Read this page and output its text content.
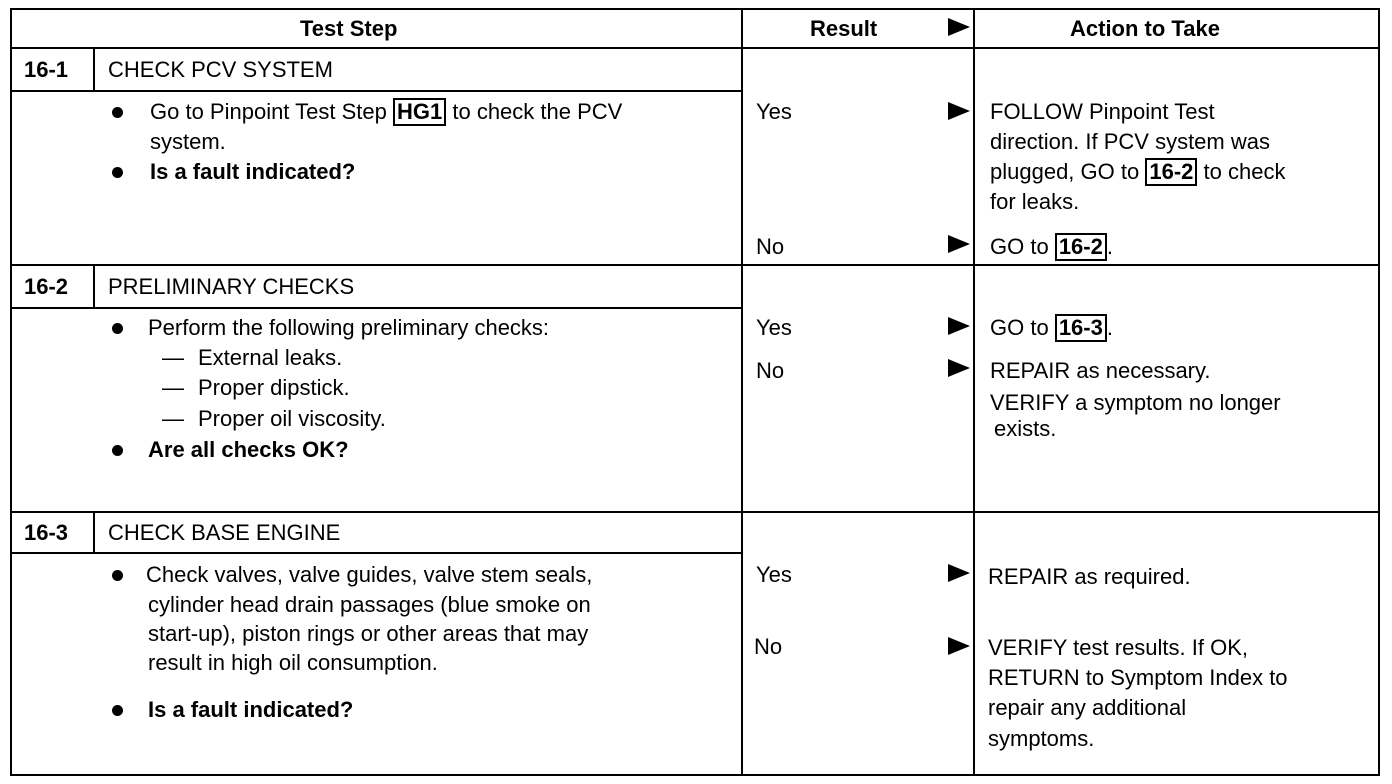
Test Step	Result	Action to Take
16-1 CHECK PCV SYSTEM
Go to Pinpoint Test Step HG1 to check the PCV
system.
Is a fault indicated?
Yes	FOLLOW Pinpoint Test
direction. If PCV system was
plugged, GO to 16-2 to check
for leaks.
No	GO to 16-2 .
16-2 PRELIMINARY CHECKS
Perform the following preliminary checks:
— External leaks.
— Proper dipstick.
— Proper oil viscosity.
Are all checks OK?
Yes	GO to 16-3 .
No	REPAIR as necessary.
VERIFY a symptom no longer
exists.
16-3 CHECK BASE ENGINE
Check valves, valve guides, valve stem seals,
cylinder head drain passages (blue smoke on
start-up), piston rings or other areas that may
result in high oil consumption.
Is a fault indicated?
Yes	REPAIR as required.
No	VERIFY test results. If OK,
RETURN to Symptom Index to
repair any additional
symptoms.
